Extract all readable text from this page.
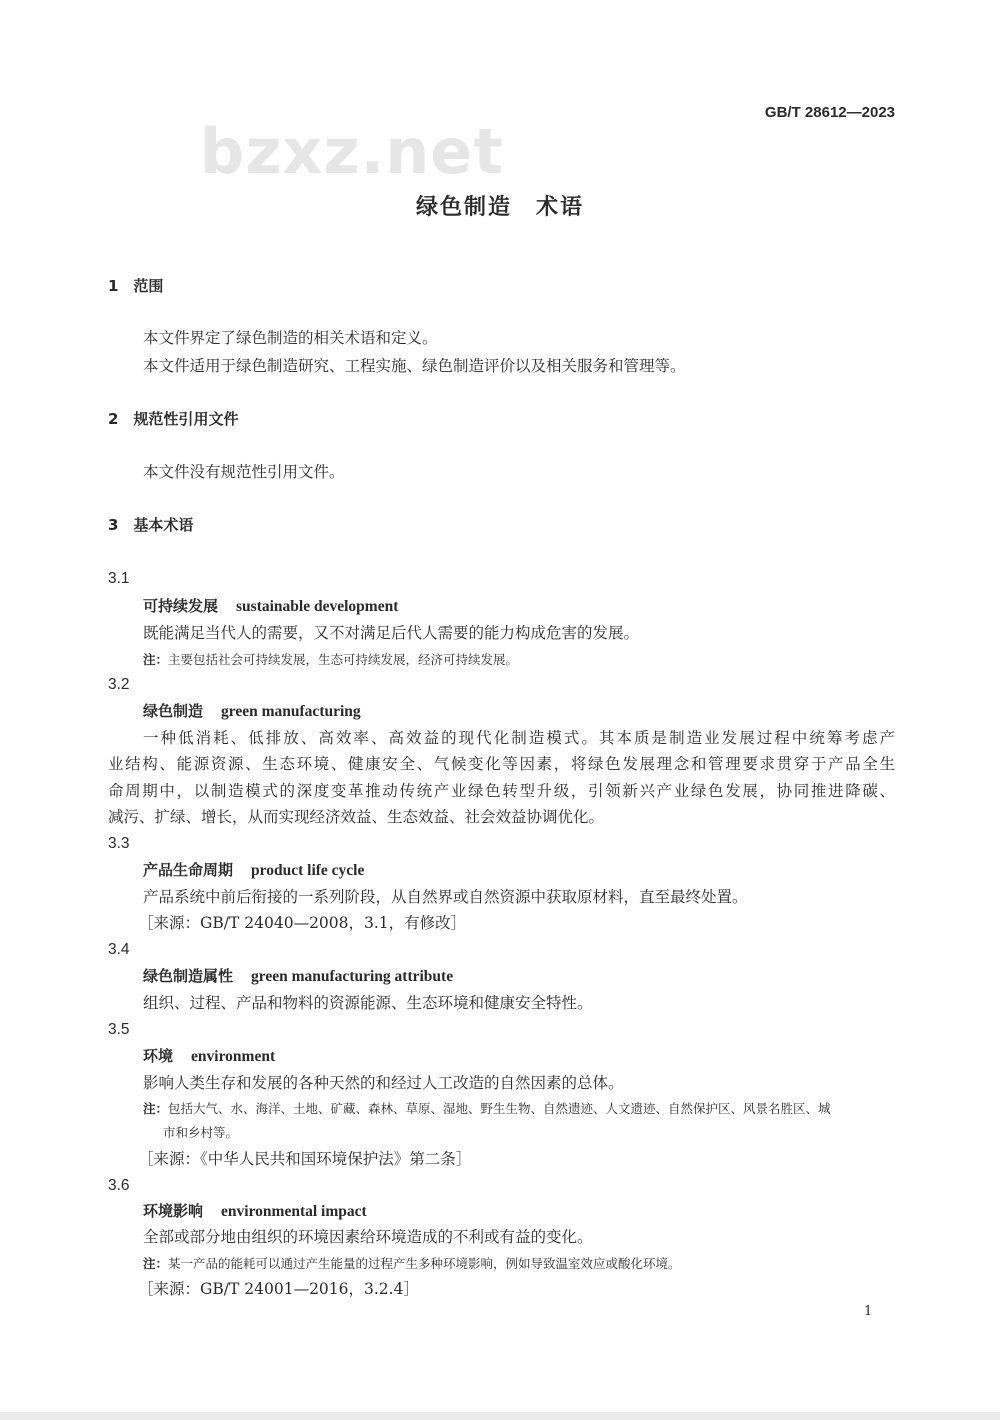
bzxz.net
GB/T 28612—2023
绿色制造　术语
1　范围
本文件界定了绿色制造的相关术语和定义。
本文件适用于绿色制造研究、工程实施、绿色制造评价以及相关服务和管理等。
2　规范性引用文件
本文件没有规范性引用文件。
3　基本术语
3.1
可持续发展 sustainable development
既能满足当代人的需要，又不对满足后代人需要的能力构成危害的发展。
注：主要包括社会可持续发展，生态可持续发展，经济可持续发展。
3.2
绿色制造 green manufacturing
一种低消耗、低排放、高效率、高效益的现代化制造模式。其本质是制造业发展过程中统筹考虑产
业结构、能源资源、生态环境、健康安全、气候变化等因素，将绿色发展理念和管理要求贯穿于产品全生
命周期中，以制造模式的深度变革推动传统产业绿色转型升级，引领新兴产业绿色发展，协同推进降碳、
减污、扩绿、增长，从而实现经济效益、生态效益、社会效益协调优化。
3.3
产品生命周期 product life cycle
产品系统中前后衔接的一系列阶段，从自然界或自然资源中获取原材料，直至最终处置。
［来源：GB/T 24040—2008，3.1，有修改］
3.4
绿色制造属性 green manufacturing attribute
组织、过程、产品和物料的资源能源、生态环境和健康安全特性。
3.5
环境 environment
影响人类生存和发展的各种天然的和经过人工改造的自然因素的总体。
注：包括大气、水、海洋、土地、矿藏、森林、草原、湿地、野生生物、自然遗迹、人文遗迹、自然保护区、风景名胜区、城
市和乡村等。
［来源：《中华人民共和国环境保护法》第二条］
3.6
环境影响 environmental impact
全部或部分地由组织的环境因素给环境造成的不利或有益的变化。
注：某一产品的能耗可以通过产生能量的过程产生多种环境影响，例如导致温室效应或酸化环境。
［来源：GB/T 24001—2016，3.2.4］
1
